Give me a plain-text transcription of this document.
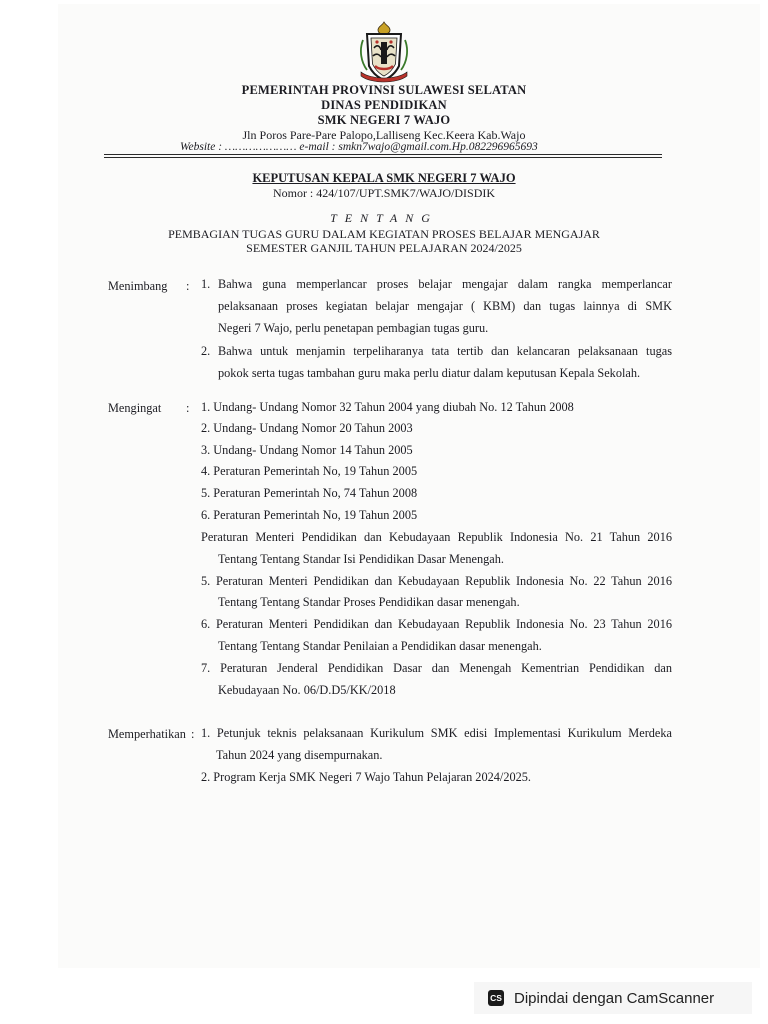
PEMERINTAH PROVINSI SULAWESI SELATAN
DINAS PENDIDIKAN
SMK NEGERI 7 WAJO
Jln Poros Pare-Pare Palopo,Lalliseng Kec.Keera Kab.Wajo
Website : ………………… e-mail : smkn7wajo@gmail.com.Hp.082296965693
KEPUTUSAN KEPALA SMK NEGERI 7 WAJO
Nomor : 424/107/UPT.SMK7/WAJO/DISDIK
TENTANG
PEMBAGIAN TUGAS GURU DALAM KEGIATAN PROSES BELAJAR MENGAJAR
SEMESTER GANJIL TAHUN PELAJARAN 2024/2025
Menimbang : 1. Bahwa guna memperlancar proses belajar mengajar dalam rangka memperlancar
pelaksanaan proses kegiatan belajar mengajar ( KBM) dan tugas lainnya di SMK
Negeri 7 Wajo, perlu penetapan pembagian tugas guru.
2. Bahwa untuk menjamin terpeliharanya tata tertib dan kelancaran pelaksanaan tugas
pokok serta tugas tambahan guru maka perlu diatur dalam keputusan Kepala Sekolah.
Mengingat : 1. Undang- Undang Nomor 32 Tahun 2004 yang diubah No. 12 Tahun 2008
2. Undang- Undang Nomor 20 Tahun 2003
3. Undang- Undang Nomor 14 Tahun 2005
4. Peraturan Pemerintah No, 19 Tahun 2005
5. Peraturan Pemerintah No, 74 Tahun 2008
6. Peraturan Pemerintah No, 19 Tahun 2005
Peraturan Menteri Pendidikan dan Kebudayaan Republik Indonesia No. 21 Tahun 2016
Tentang Tentang Standar Isi Pendidikan Dasar Menengah.
5. Peraturan Menteri Pendidikan dan Kebudayaan Republik Indonesia No. 22 Tahun 2016
Tentang Tentang Standar Proses Pendidikan dasar menengah.
6. Peraturan Menteri Pendidikan dan Kebudayaan Republik Indonesia No. 23 Tahun 2016
Tentang Tentang Standar Penilaian a Pendidikan dasar menengah.
7. Peraturan Jenderal Pendidikan Dasar dan Menengah Kementrian Pendidikan dan
Kebudayaan No. 06/D.D5/KK/2018
Memperhatikan : 1. Petunjuk teknis pelaksanaan Kurikulum SMK edisi Implementasi Kurikulum Merdeka
Tahun 2024 yang disempurnakan.
2. Program Kerja SMK Negeri 7 Wajo Tahun Pelajaran 2024/2025.
CS Dipindai dengan CamScanner
